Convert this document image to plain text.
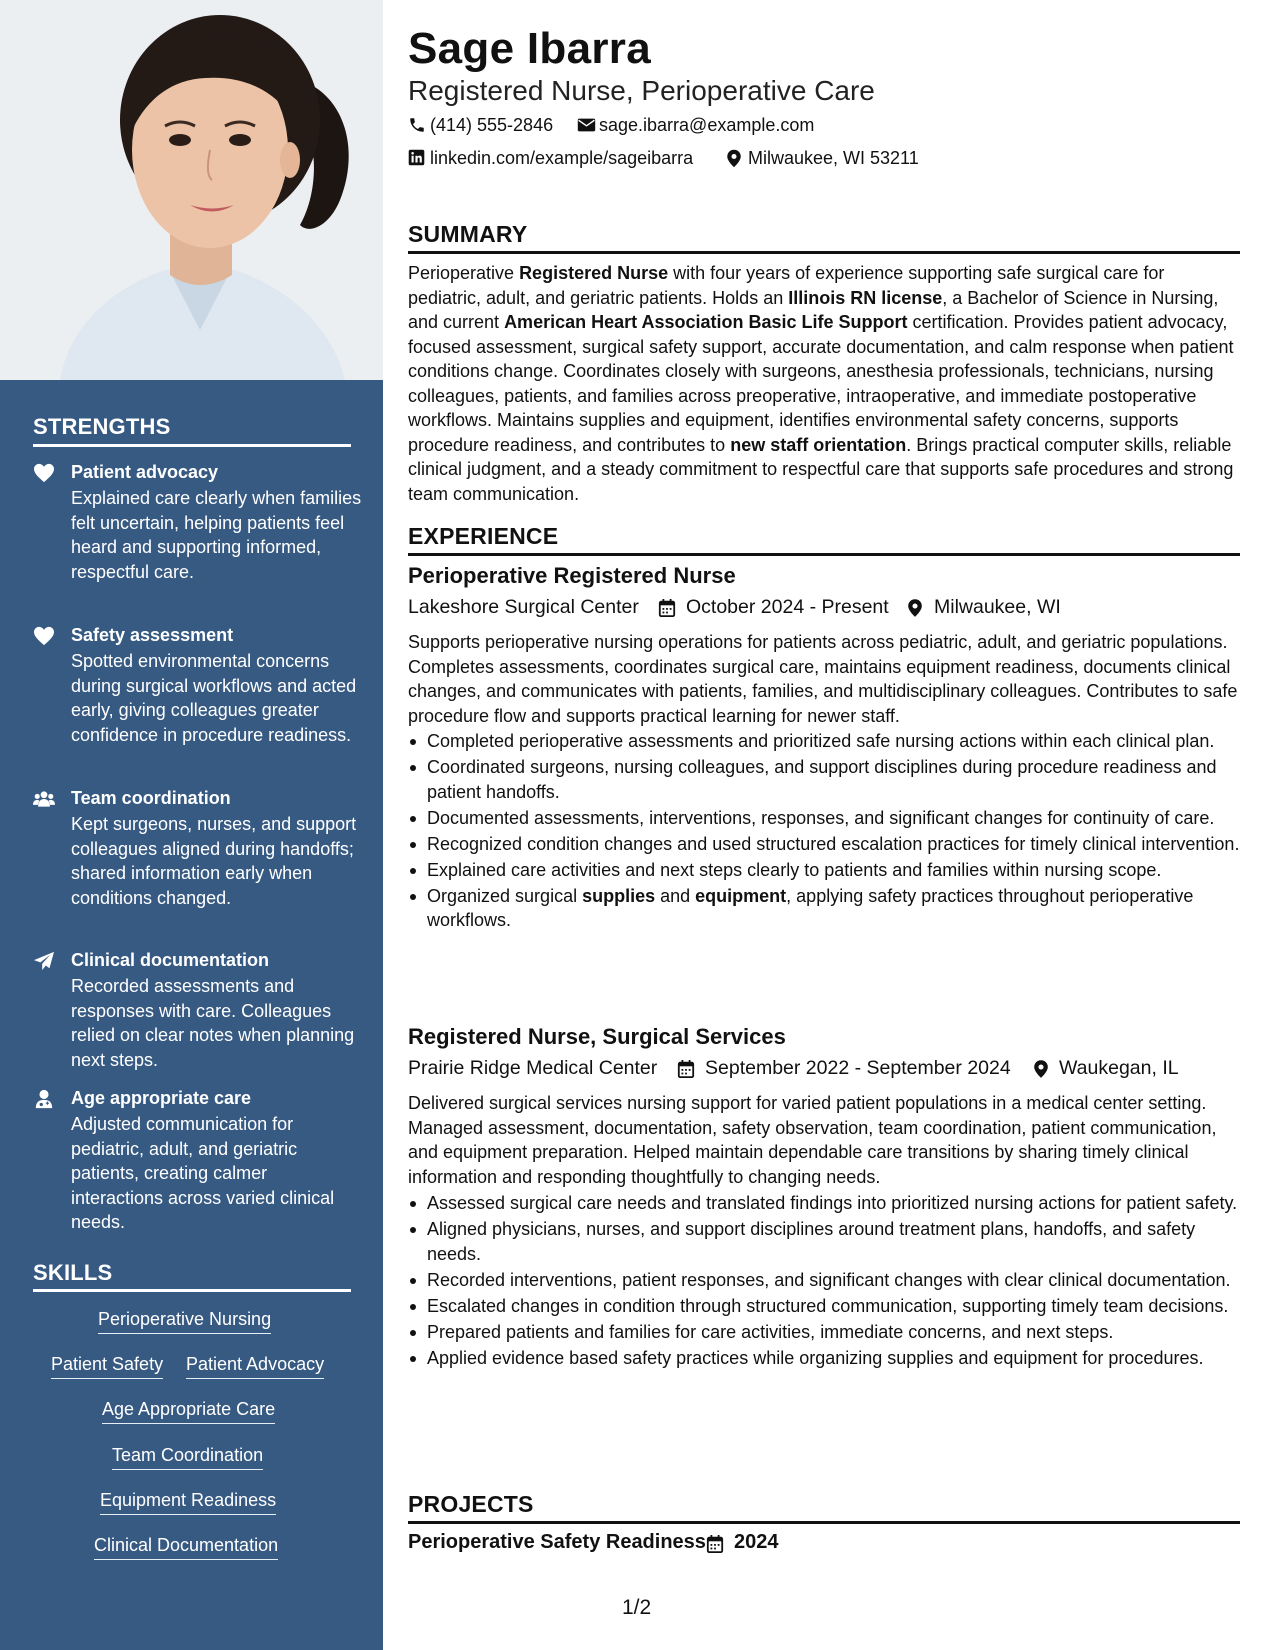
STRENGTHS
Patient advocacy
Explained care clearly when families felt uncertain, helping patients feel heard and supporting informed, respectful care.
Safety assessment
Spotted environmental concerns during surgical workflows and acted early, giving colleagues greater confidence in procedure readiness.
Team coordination
Kept surgeons, nurses, and support colleagues aligned during handoffs; shared information early when conditions changed.
Clinical documentation
Recorded assessments and responses with care. Colleagues relied on clear notes when planning next steps.
Age appropriate care
Adjusted communication for pediatric, adult, and geriatric patients, creating calmer interactions across varied clinical needs.
SKILLS
Perioperative Nursing
Patient Safety Patient Advocacy
Age Appropriate Care
Team Coordination
Equipment Readiness
Clinical Documentation
Sage Ibarra
Registered Nurse, Perioperative Care
(414) 555-2846	sage.ibarra@example.com
linkedin.com/example/sageibarra	Milwaukee, WI 53211
SUMMARY
Perioperative Registered Nurse with four years of experience supporting safe surgical care for pediatric, adult, and geriatric patients. Holds an Illinois RN license, a Bachelor of Science in Nursing, and current American Heart Association Basic Life Support certification. Provides patient advocacy, focused assessment, surgical safety support, accurate documentation, and calm response when patient conditions change. Coordinates closely with surgeons, anesthesia professionals, technicians, nursing colleagues, patients, and families across preoperative, intraoperative, and immediate postoperative workflows. Maintains supplies and equipment, identifies environmental safety concerns, supports procedure readiness, and contributes to new staff orientation. Brings practical computer skills, reliable clinical judgment, and a steady commitment to respectful care that supports safe procedures and strong team communication.
EXPERIENCE
Perioperative Registered Nurse
Lakeshore Surgical Center October 2024 - Present Milwaukee, WI
Supports perioperative nursing operations for patients across pediatric, adult, and geriatric populations. Completes assessments, coordinates surgical care, maintains equipment readiness, documents clinical changes, and communicates with patients, families, and multidisciplinary colleagues. Contributes to safe procedure flow and supports practical learning for newer staff.
Completed perioperative assessments and prioritized safe nursing actions within each clinical plan.
Coordinated surgeons, nursing colleagues, and support disciplines during procedure readiness and patient handoffs.
Documented assessments, interventions, responses, and significant changes for continuity of care.
Recognized condition changes and used structured escalation practices for timely clinical intervention.
Explained care activities and next steps clearly to patients and families within nursing scope.
Organized surgical supplies and equipment, applying safety practices throughout perioperative workflows.
Registered Nurse, Surgical Services
Prairie Ridge Medical Center September 2022 - September 2024 Waukegan, IL
Delivered surgical services nursing support for varied patient populations in a medical center setting. Managed assessment, documentation, safety observation, team coordination, patient communication, and equipment preparation. Helped maintain dependable care transitions by sharing timely clinical information and responding thoughtfully to changing needs.
Assessed surgical care needs and translated findings into prioritized nursing actions for patient safety.
Aligned physicians, nurses, and support disciplines around treatment plans, handoffs, and safety needs.
Recorded interventions, patient responses, and significant changes with clear clinical documentation.
Escalated changes in condition through structured communication, supporting timely team decisions.
Prepared patients and families for care activities, immediate concerns, and next steps.
Applied evidence based safety practices while organizing supplies and equipment for procedures.
PROJECTS
Perioperative Safety Readiness 2024
1/2
